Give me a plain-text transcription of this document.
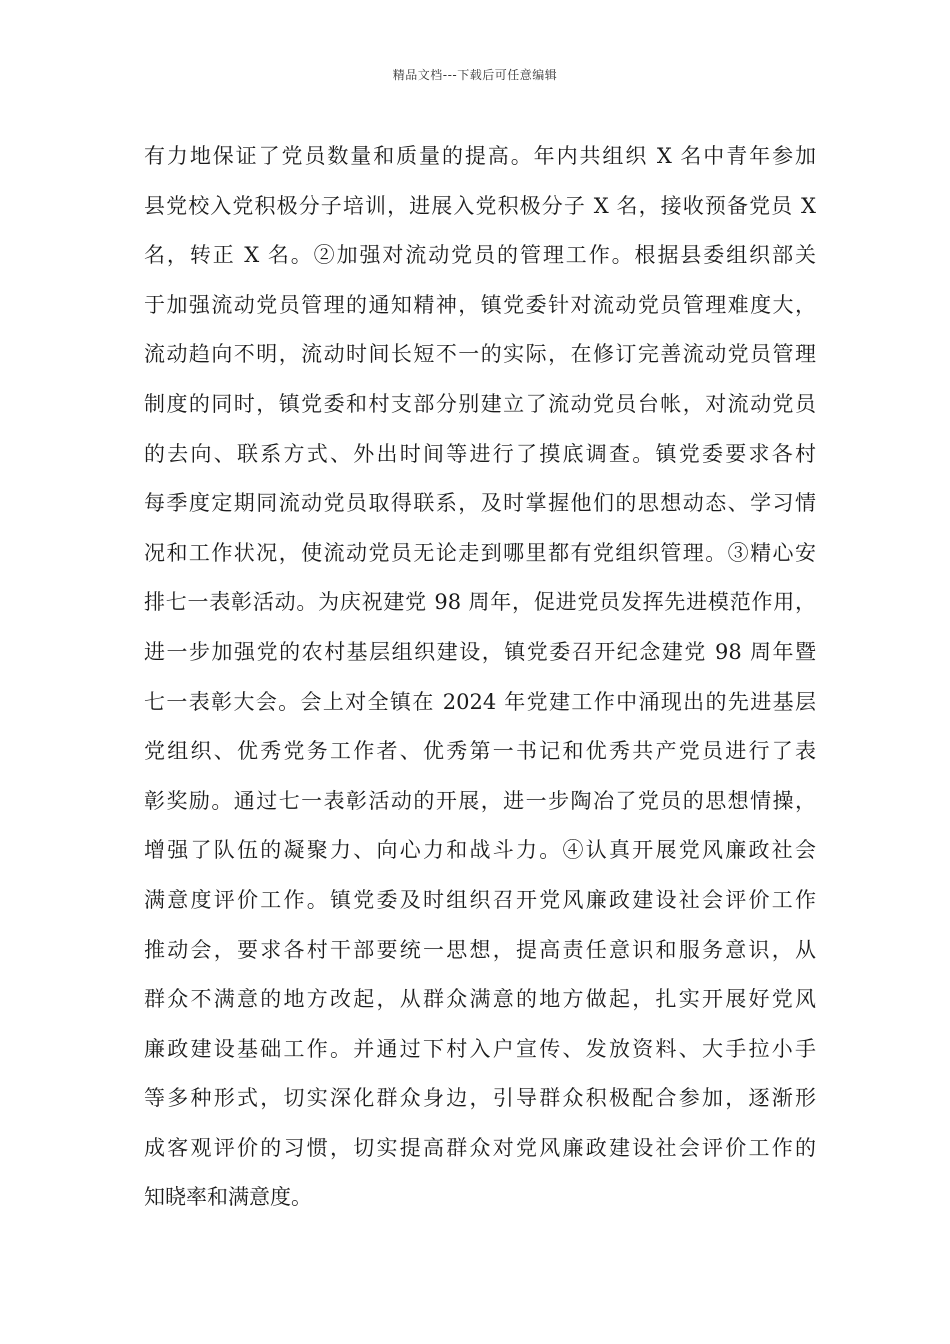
精品文档---下载后可任意编辑
有力地保证了党员数量和质量的提高。年内共组织 X 名中青年参加
县党校入党积极分子培训，进展入党积极分子 X 名，接收预备党员 X
名，转正 X 名。②加强对流动党员的管理工作。根据县委组织部关
于加强流动党员管理的通知精神，镇党委针对流动党员管理难度大，
流动趋向不明，流动时间长短不一的实际，在修订完善流动党员管理
制度的同时，镇党委和村支部分别建立了流动党员台帐，对流动党员
的去向、联系方式、外出时间等进行了摸底调查。镇党委要求各村
每季度定期同流动党员取得联系，及时掌握他们的思想动态、学习情
况和工作状况，使流动党员无论走到哪里都有党组织管理。③精心安
排七一表彰活动。为庆祝建党 98 周年，促进党员发挥先进模范作用，
进一步加强党的农村基层组织建设，镇党委召开纪念建党 98 周年暨
七一表彰大会。会上对全镇在 2024 年党建工作中涌现出的先进基层
党组织、优秀党务工作者、优秀第一书记和优秀共产党员进行了表
彰奖励。通过七一表彰活动的开展，进一步陶冶了党员的思想情操，
增强了队伍的凝聚力、向心力和战斗力。④认真开展党风廉政社会
满意度评价工作。镇党委及时组织召开党风廉政建设社会评价工作
推动会，要求各村干部要统一思想，提高责任意识和服务意识，从
群众不满意的地方改起，从群众满意的地方做起，扎实开展好党风
廉政建设基础工作。并通过下村入户宣传、发放资料、大手拉小手
等多种形式，切实深化群众身边，引导群众积极配合参加，逐渐形
成客观评价的习惯，切实提高群众对党风廉政建设社会评价工作的
知晓率和满意度。
